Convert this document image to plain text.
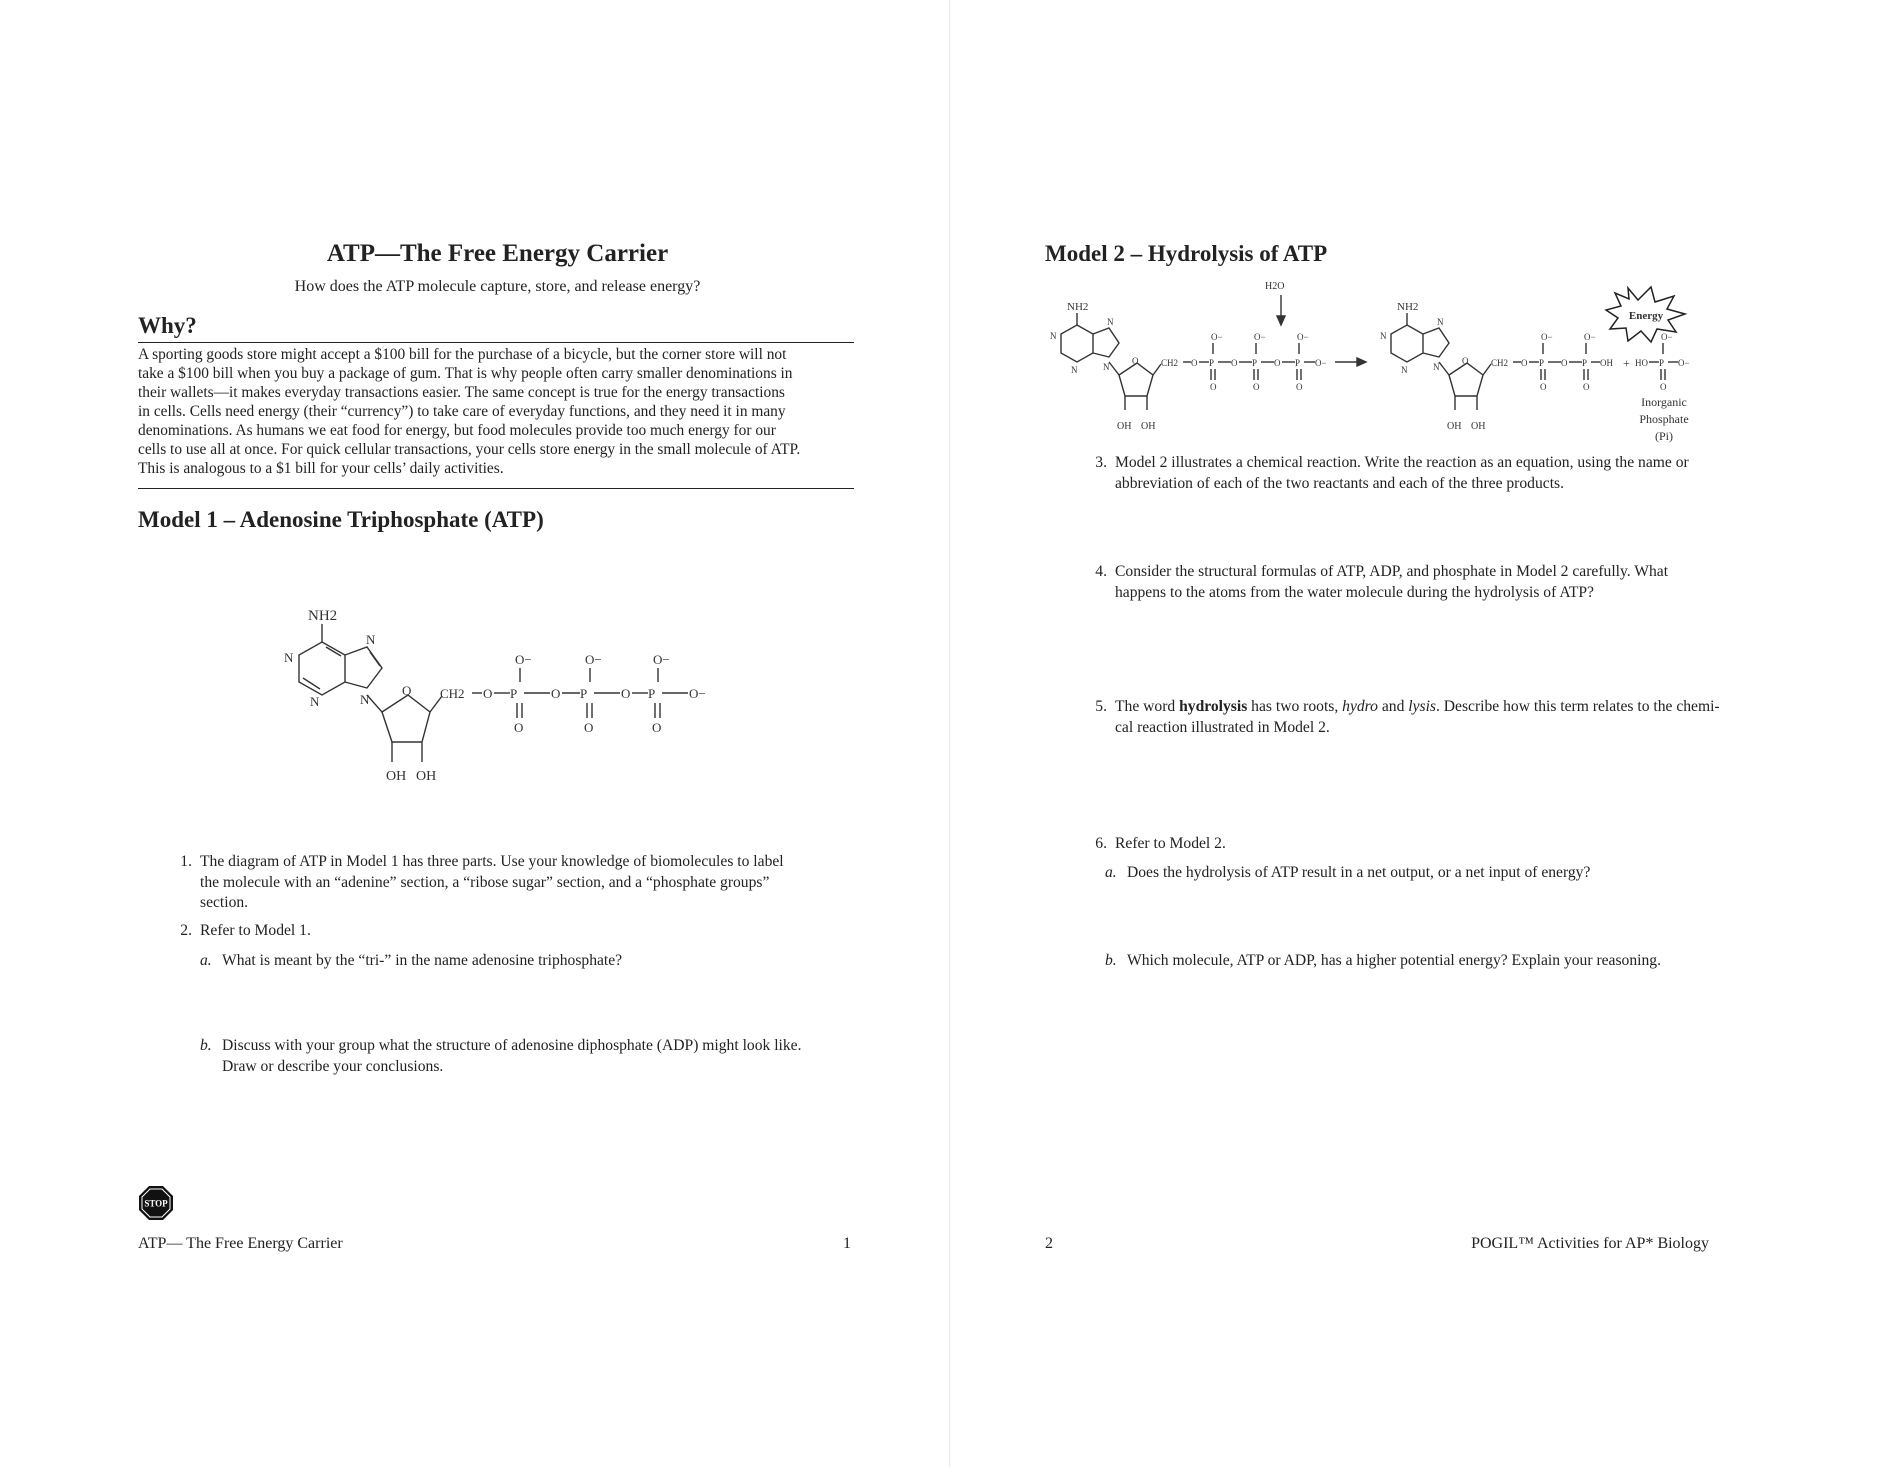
ATP—The Free Energy Carrier
How does the ATP molecule capture, store, and release energy?
Why?
A sporting goods store might accept a $100 bill for the purchase of a bicycle, but the corner store will not
take a $100 bill when you buy a package of gum. That is why people often carry smaller denominations in
their wallets—it makes everyday transactions easier. The same concept is true for the energy transactions
in cells. Cells need energy (their “currency”) to take care of everyday functions, and they need it in many
denominations. As humans we eat food for energy, but food molecules provide too much energy for our
cells to use all at once. For quick cellular transactions, your cells store energy in the small molecule of ATP.
This is analogous to a $1 bill for your cells’ daily activities.
Model 1 – Adenosine Triphosphate (ATP)
NH2
N
N
N
N
O
OH OH
CH2 O P	O P	O P	O−
O−
O
O−
O
O−
O
1. The diagram of ATP in Model 1 has three parts. Use your knowledge of biomolecules to label
the molecule with an “adenine” section, a “ribose sugar” section, and a “phosphate groups”
section.
2. Refer to Model 1.
a. What is meant by the “tri-” in the name adenosine triphosphate?
b. Discuss with your group what the structure of adenosine diphosphate (ADP) might look like.
Draw or describe your conclusions.
STOP
ATP— The Free Energy Carrier	1
Model 2 – Hydrolysis of ATP
H2O
NH2
N
N
N
N
O
OH OH
CH2 O P O P O P O−
O−
O
O−
O
O−
O
NH2
N
N
N
N
O
OH OH
CH2 O P O P OH
O−
O
O−
O
+ HO P O−
O−
O
Inorganic
Phosphate
(Pi)
Energy
3. Model 2 illustrates a chemical reaction. Write the reaction as an equation, using the name or
abbreviation of each of the two reactants and each of the three products.
4. Consider the structural formulas of ATP, ADP, and phosphate in Model 2 carefully. What
happens to the atoms from the water molecule during the hydrolysis of ATP?
5. The word hydrolysis has two roots, hydro and lysis. Describe how this term relates to the chemi-
cal reaction illustrated in Model 2.
6. Refer to Model 2.
a. Does the hydrolysis of ATP result in a net output, or a net input of energy?
b. Which molecule, ATP or ADP, has a higher potential energy? Explain your reasoning.
2	POGIL™ Activities for AP* Biology
